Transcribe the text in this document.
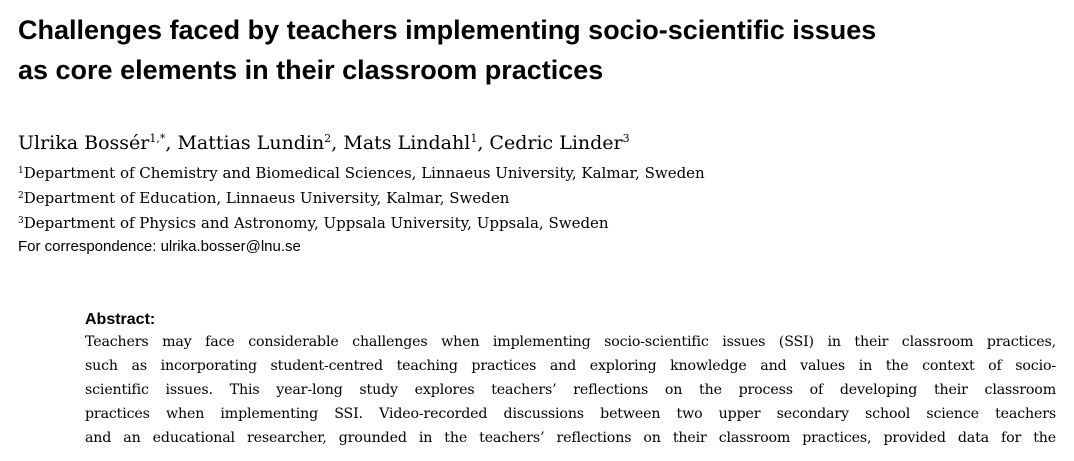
Challenges faced by teachers implementing socio-scientific issues
as core elements in their classroom practices

Ulrika Bossér$^{1,*}$, Mattias Lundin$^2$, Mats Lindahl$^1$, Cedric Linder$^3$

$^1$Department of Chemistry and Biomedical Sciences, Linnaeus University, Kalmar, Sweden

$^2$Department of Education, Linnaeus University, Kalmar, Sweden

$^3$Department of Physics and Astronomy, Uppsala University, Uppsala, Sweden

For correspondence: ulrika.bosser@lnu.se

Abstract:
Teachers may face considerable challenges when implementing socio-scientific issues (SSI) in their classroom practices,
such as incorporating student-centred teaching practices and exploring knowledge and values in the context of socio-
scientific issues. This year-long study explores teachers’ reflections on the process of developing their classroom
practices when implementing SSI. Video-recorded discussions between two upper secondary school science teachers
and an educational researcher, grounded in the teachers’ reflections on their classroom practices, provided data for the
